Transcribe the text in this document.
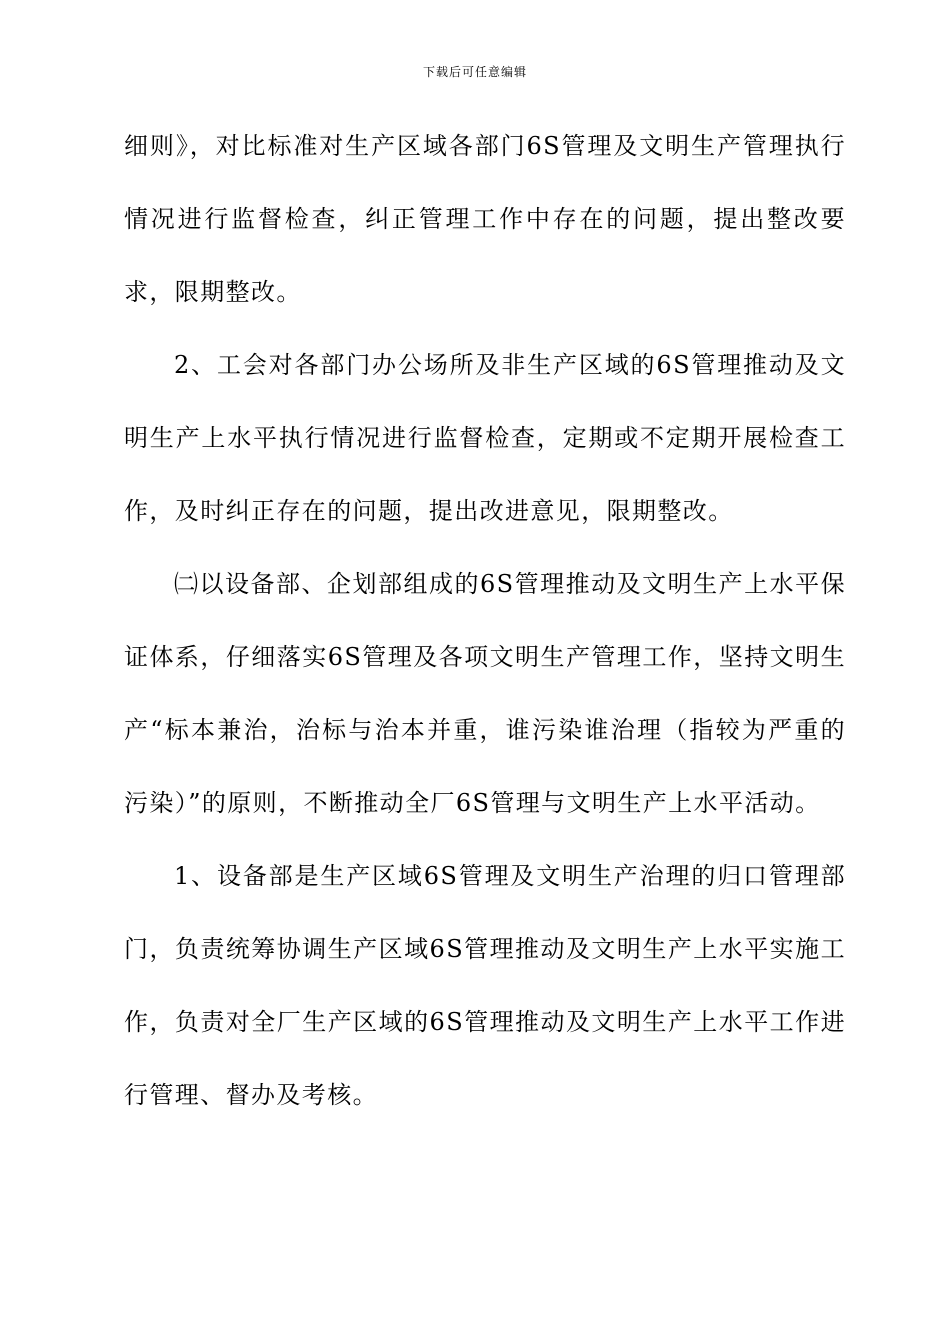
下载后可任意编辑

细则》，对比标准对生产区域各部门6S管理及文明生产管理执行情况进行监督检查，纠正管理工作中存在的问题，提出整改要求，限期整改。

2、工会对各部门办公场所及非生产区域的6S管理推动及文明生产上水平执行情况进行监督检查，定期或不定期开展检查工作，及时纠正存在的问题，提出改进意见，限期整改。

㈡以设备部、企划部组成的6S管理推动及文明生产上水平保证体系，仔细落实6S管理及各项文明生产管理工作，坚持文明生产“标本兼治，治标与治本并重，谁污染谁治理（指较为严重的污染）”的原则，不断推动全厂6S管理与文明生产上水平活动。

1、设备部是生产区域6S管理及文明生产治理的归口管理部门，负责统筹协调生产区域6S管理推动及文明生产上水平实施工作，负责对全厂生产区域的6S管理推动及文明生产上水平工作进行管理、督办及考核。
